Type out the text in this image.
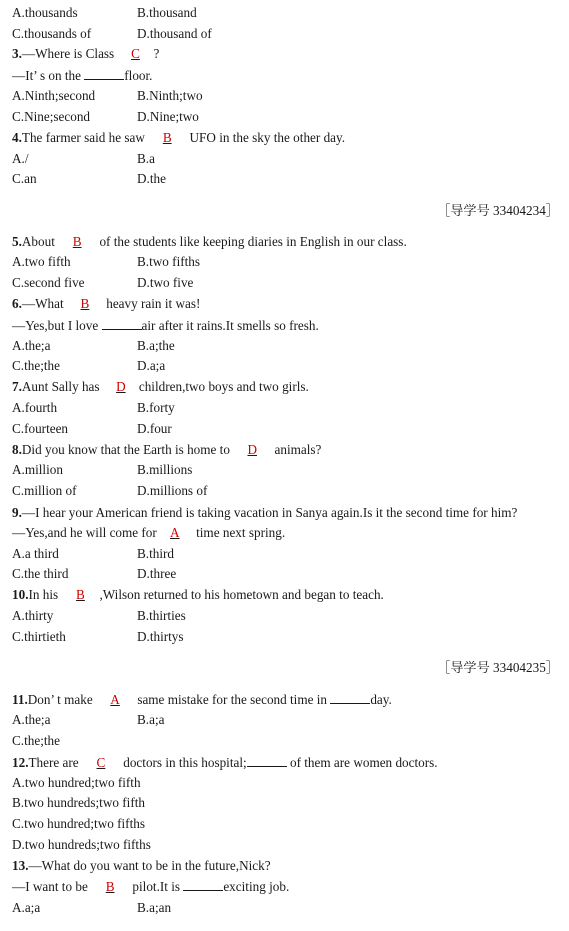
A.thousands	B.thousand
C.thousands of	D.thousand of
3.—Where is Class C ?
—It’ s on the	floor.
A.Ninth;second	B.Ninth;two
C.Nine;second	D.Nine;two
4.The farmer said he saw B UFO in the sky the other day.
A./	B.a
C.an	D.the
［导学号 33404234］
5.About B of the students like keeping diaries in English in our class.
A.two fifth	B.two fifths
C.second five	D.two five
6.—What B heavy rain it was!
—Yes,but I love	air after it rains.It smells so fresh.
A.the;a	B.a;the
C.the;the	D.a;a
7.Aunt Sally has D children,two boys and two girls.
A.fourth	B.forty
C.fourteen	D.four
8.Did you know that the Earth is home to D animals?
A.million	B.millions
C.million of	D.millions of
9.—I hear your American friend is taking vacation in Sanya again.Is it the second time for him?
—Yes,and he will come for A time next spring.
A.a third	B.third
C.the third	D.three
10.In his B ,Wilson returned to his hometown and began to teach.
A.thirty	B.thirties
C.thirtieth	D.thirtys
［导学号 33404235］
11.Don’ t make A same mistake for the second time in	day.
A.the;a	B.a;a
C.the;the
12.There are C doctors in this hospital;	of them are women doctors.
A.two hundred;two fifth
B.two hundreds;two fifth
C.two hundred;two fifths
D.two hundreds;two fifths
13.—What do you want to be in the future,Nick?
—I want to be B pilot.It is	exciting job.
A.a;a	B.a;an
